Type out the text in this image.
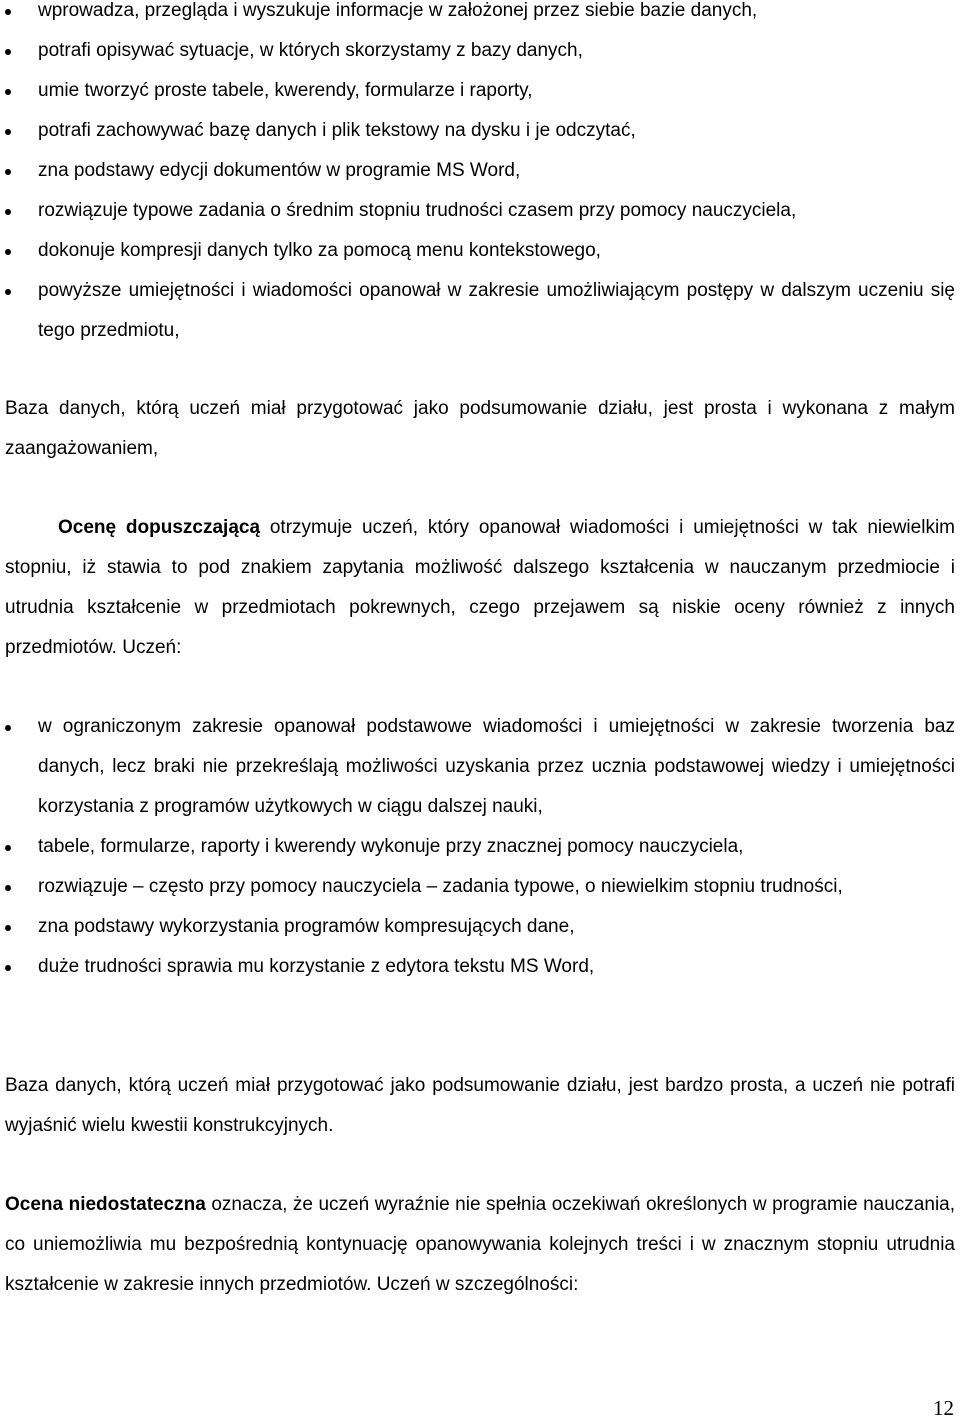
wprowadza, przegląda i wyszukuje informacje w założonej przez siebie bazie danych,
potrafi opisywać sytuacje, w których skorzystamy z bazy danych,
umie tworzyć proste tabele, kwerendy, formularze i raporty,
potrafi zachowywać bazę danych i plik tekstowy na dysku i je odczytać,
zna podstawy edycji dokumentów w programie MS Word,
rozwiązuje typowe zadania o średnim stopniu trudności czasem przy pomocy nauczyciela,
dokonuje kompresji danych tylko za pomocą menu kontekstowego,
powyższe umiejętności i wiadomości opanował w zakresie umożliwiającym postępy w dalszym uczeniu się tego przedmiotu,

Baza danych, którą uczeń miał przygotować jako podsumowanie działu, jest prosta i wykonana z małym zaangażowaniem,

Ocenę dopuszczającą otrzymuje uczeń, który opanował wiadomości i umiejętności w tak niewielkim stopniu, iż stawia to pod znakiem zapytania możliwość dalszego kształcenia w nauczanym przedmiocie i utrudnia kształcenie w przedmiotach pokrewnych, czego przejawem są niskie oceny również z innych przedmiotów. Uczeń:

w ograniczonym zakresie opanował podstawowe wiadomości i umiejętności w zakresie tworzenia baz danych, lecz braki nie przekreślają możliwości uzyskania przez ucznia podstawowej wiedzy i umiejętności korzystania z programów użytkowych w ciągu dalszej nauki,
tabele, formularze, raporty i kwerendy wykonuje przy znacznej pomocy nauczyciela,
rozwiązuje – często przy pomocy nauczyciela – zadania typowe, o niewielkim stopniu trudności,
zna podstawy wykorzystania programów kompresujących dane,
duże trudności sprawia mu korzystanie z edytora tekstu MS Word,

Baza danych, którą uczeń miał przygotować jako podsumowanie działu, jest bardzo prosta, a uczeń nie potrafi wyjaśnić wielu kwestii konstrukcyjnych.

Ocena niedostateczna oznacza, że uczeń wyraźnie nie spełnia oczekiwań określonych w programie nauczania, co uniemożliwia mu bezpośrednią kontynuację opanowywania kolejnych treści i w znacznym stopniu utrudnia kształcenie w zakresie innych przedmiotów. Uczeń w szczególności:

12
